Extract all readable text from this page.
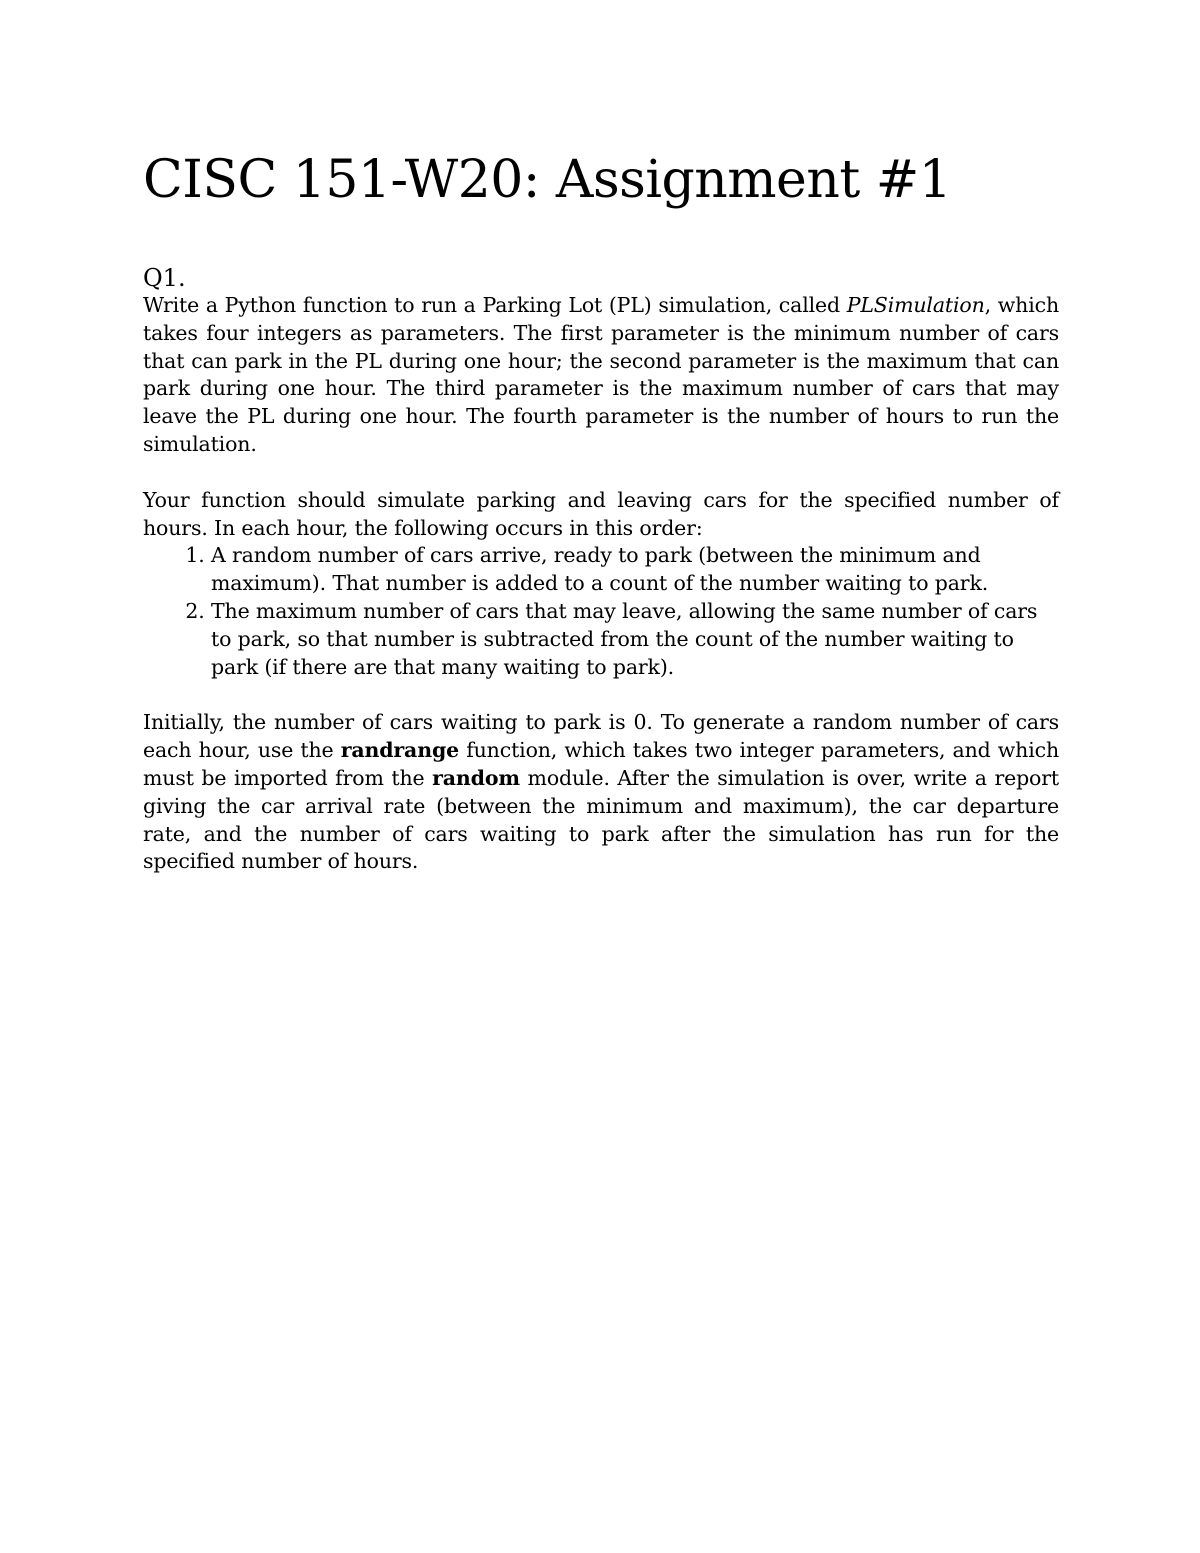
CISC 151-W20: Assignment #1
Q1.

Write a Python function to run a Parking Lot (PL) simulation, called PLSimulation, which takes four integers as parameters. The first parameter is the minimum number of cars that can park in the PL during one hour; the second parameter is the maximum that can park during one hour. The third parameter is the maximum number of cars that may leave the PL during one hour. The fourth parameter is the number of hours to run the simulation.

Your function should simulate parking and leaving cars for the specified number of hours. In each hour, the following occurs in this order:

1. A random number of cars arrive, ready to park (between the minimum and maximum). That number is added to a count of the number waiting to park.
2. The maximum number of cars that may leave, allowing the same number of cars to park, so that number is subtracted from the count of the number waiting to park (if there are that many waiting to park).

Initially, the number of cars waiting to park is 0. To generate a random number of cars each hour, use the randrange function, which takes two integer parameters, and which must be imported from the random module. After the simulation is over, write a report giving the car arrival rate (between the minimum and maximum), the car departure rate, and the number of cars waiting to park after the simulation has run for the specified number of hours.
